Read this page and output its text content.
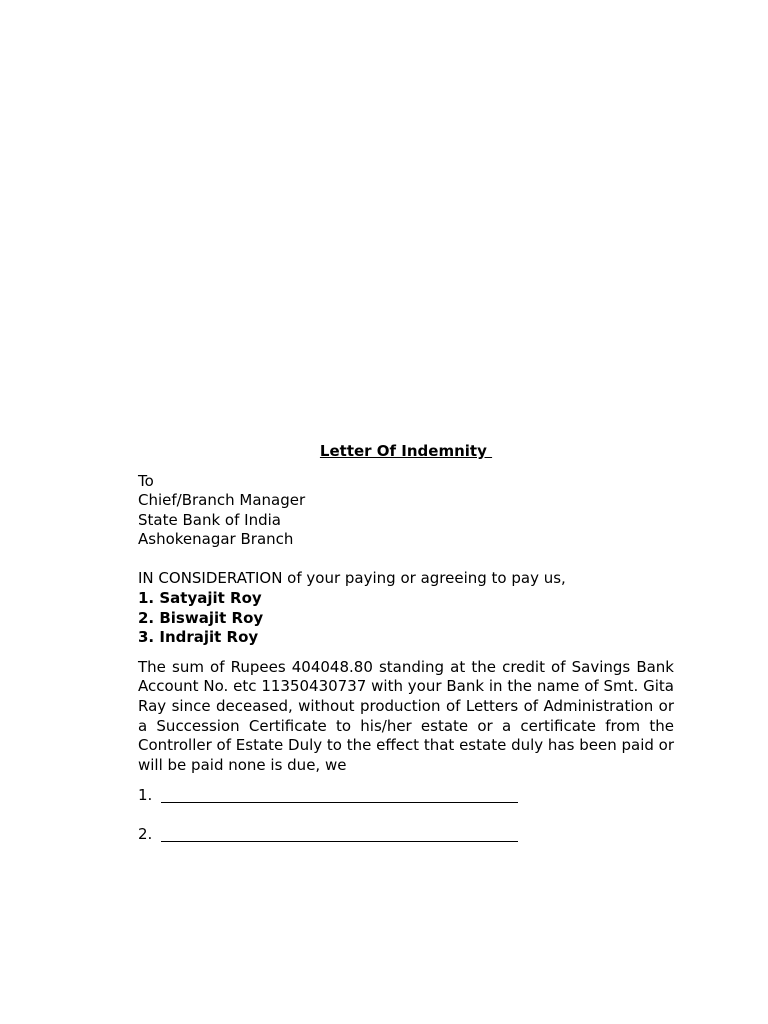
Letter Of Indemnity

To

Chief/Branch Manager

State Bank of India

Ashokenagar Branch

IN CONSIDERATION of your paying or agreeing to pay us,

1. Satyajit Roy

2. Biswajit Roy

3. Indrajit Roy

The sum of Rupees 404048.80 standing at the credit of Savings Bank Account No. etc 11350430737 with your Bank in the name of Smt. Gita Ray since deceased, without production of Letters of Administration or a Succession Certificate to his/her estate or a certificate from the Controller of Estate Duly to the effect that estate duly has been paid or will be paid none is due, we

1.
2.
